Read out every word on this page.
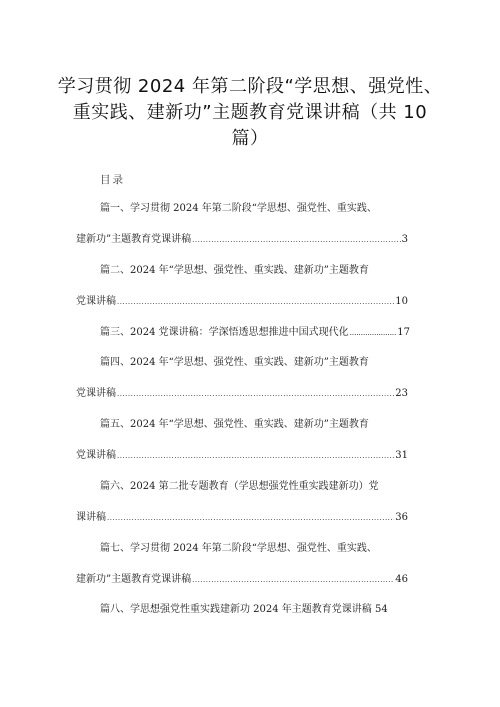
学习贯彻 2024 年第二阶段“学思想、强党性、
重实践、建新功”主题教育党课讲稿（共 10
篇）
目录
篇一、学习贯彻 2024 年第二阶段“学思想、强党性、重实践、
建新功”主题教育党课讲稿 .....	3
篇二、2024 年“学思想、强党性、重实践、建新功”主题教育
党课讲稿 .....	10
篇三、2024 党课讲稿：学深悟透思想推进中国式现代化 .....	17
篇四、2024 年“学思想、强党性、重实践、建新功”主题教育
党课讲稿 .....	23
篇五、2024 年“学思想、强党性、重实践、建新功”主题教育
党课讲稿 .....	31
篇六、2024 第二批专题教育（学思想强党性重实践建新功）党
课讲稿 .....	36
篇七、学习贯彻 2024 年第二阶段“学思想、强党性、重实践、
建新功”主题教育党课讲稿 .....	46
篇八、学思想强党性重实践建新功 2024 年主题教育党课讲稿 54
